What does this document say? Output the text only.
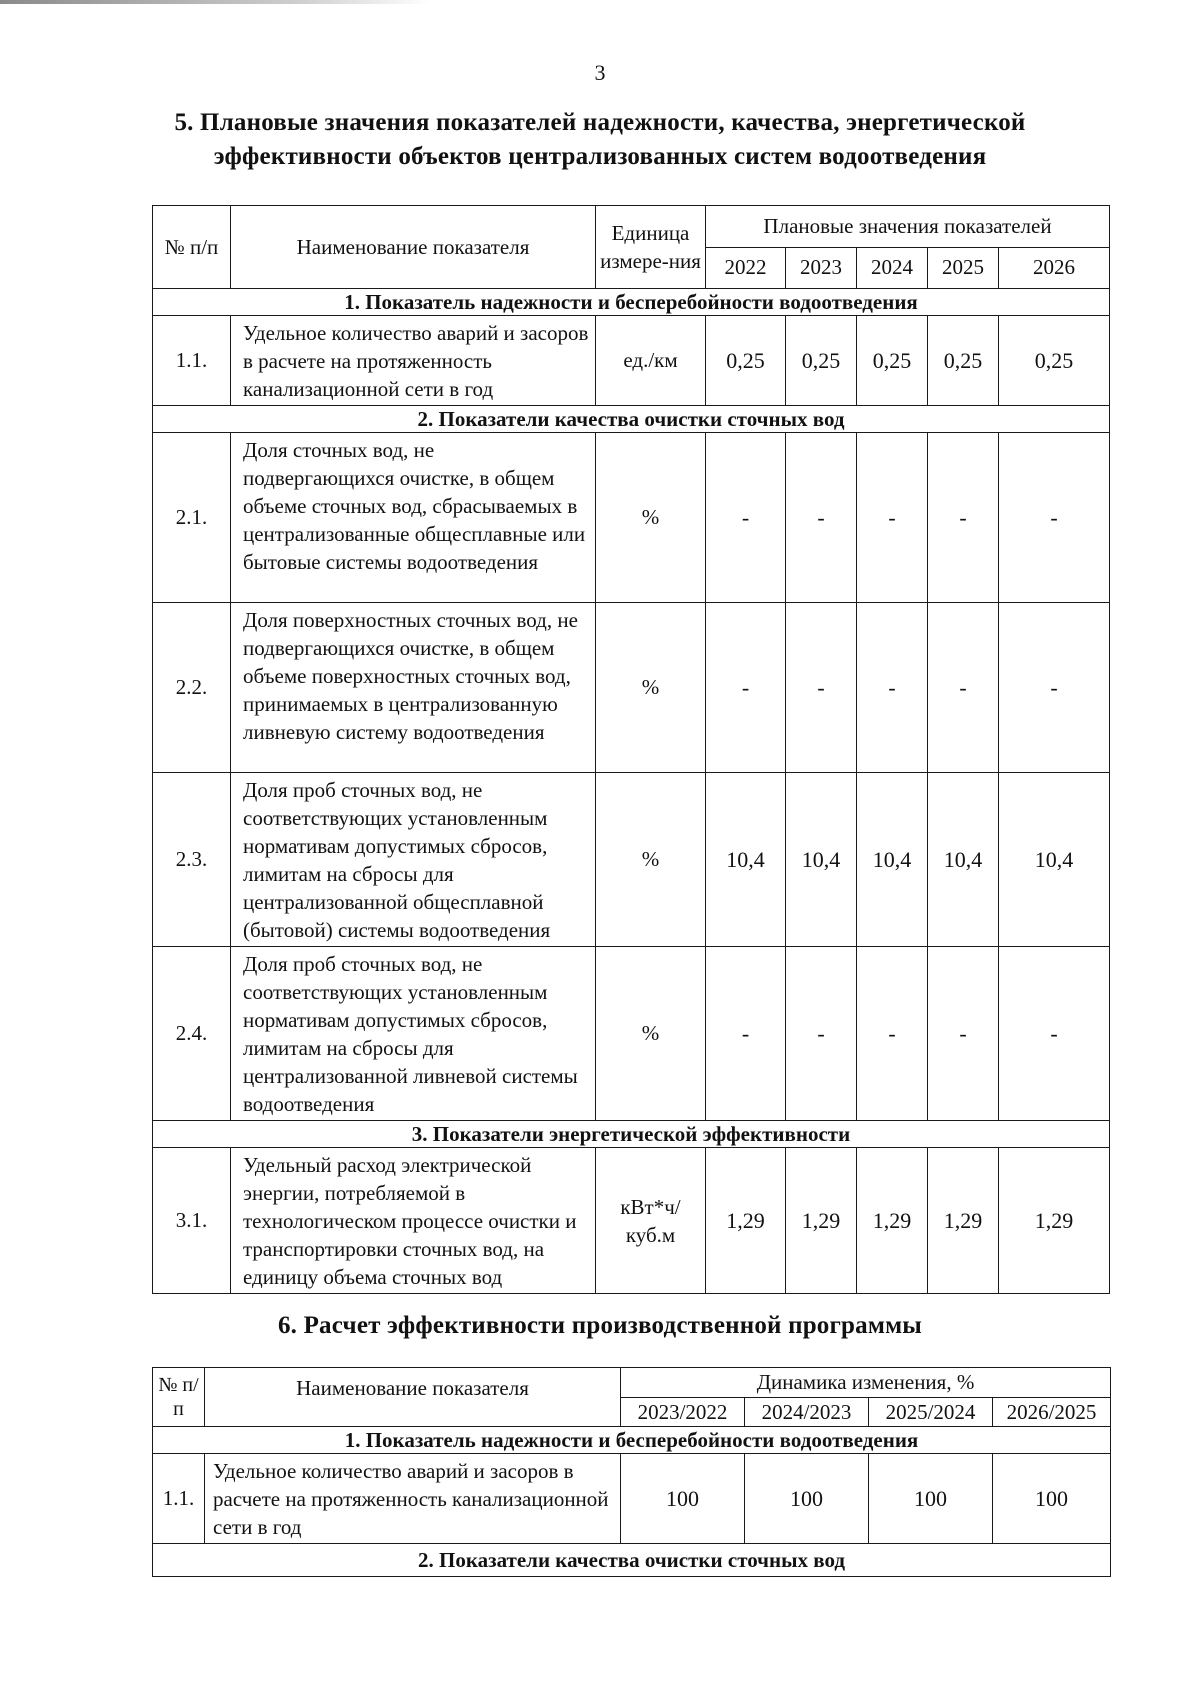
3
5. Плановые значения показателей надежности, качества, энергетической
эффективности объектов централизованных систем водоотведения
№ п/п	Наименование показателя	Единица измере-ния	Плановые значения показателей				
			2022	2023	2024	2025	2026
1. Показатель надежности и бесперебойности водоотведения							
1.1.	Удельное количество аварий и засоров в расчете на протяженность канализационной сети в год	ед./км	0,25	0,25	0,25	0,25	0,25
2. Показатели качества очистки сточных вод							
2.1.	Доля сточных вод, не подвергающихся очистке, в общем объеме сточных вод, сбрасываемых в централизованные общесплавные или бытовые системы водоотведения	%	-	-	-	-	-
2.2.	Доля поверхностных сточных вод, не подвергающихся очистке, в общем объеме поверхностных сточных вод, принимаемых в централизованную ливневую систему водоотведения	%	-	-	-	-	-
2.3.	Доля проб сточных вод, не соответствующих установленным нормативам допустимых сбросов, лимитам на сбросы для централизованной общесплавной (бытовой) системы водоотведения	%	10,4	10,4	10,4	10,4	10,4
2.4.	Доля проб сточных вод, не соответствующих установленным нормативам допустимых сбросов, лимитам на сбросы для централизованной ливневой системы водоотведения	%	-	-	-	-	-
3. Показатели энергетической эффективности							
3.1.	Удельный расход электрической энергии, потребляемой в технологическом процессе очистки и транспортировки сточных вод, на единицу объема сточных вод	кВт*ч/ куб.м	1,29	1,29	1,29	1,29	1,29
6. Расчет эффективности производственной программы
№ п/п	Наименование показателя	Динамика изменения, %			
		2023/2022	2024/2023	2025/2024	2026/2025
1. Показатель надежности и бесперебойности водоотведения					
1.1.	Удельное количество аварий и засоров в расчете на протяженность канализационной сети в год	100	100	100	100
2. Показатели качества очистки сточных вод					
